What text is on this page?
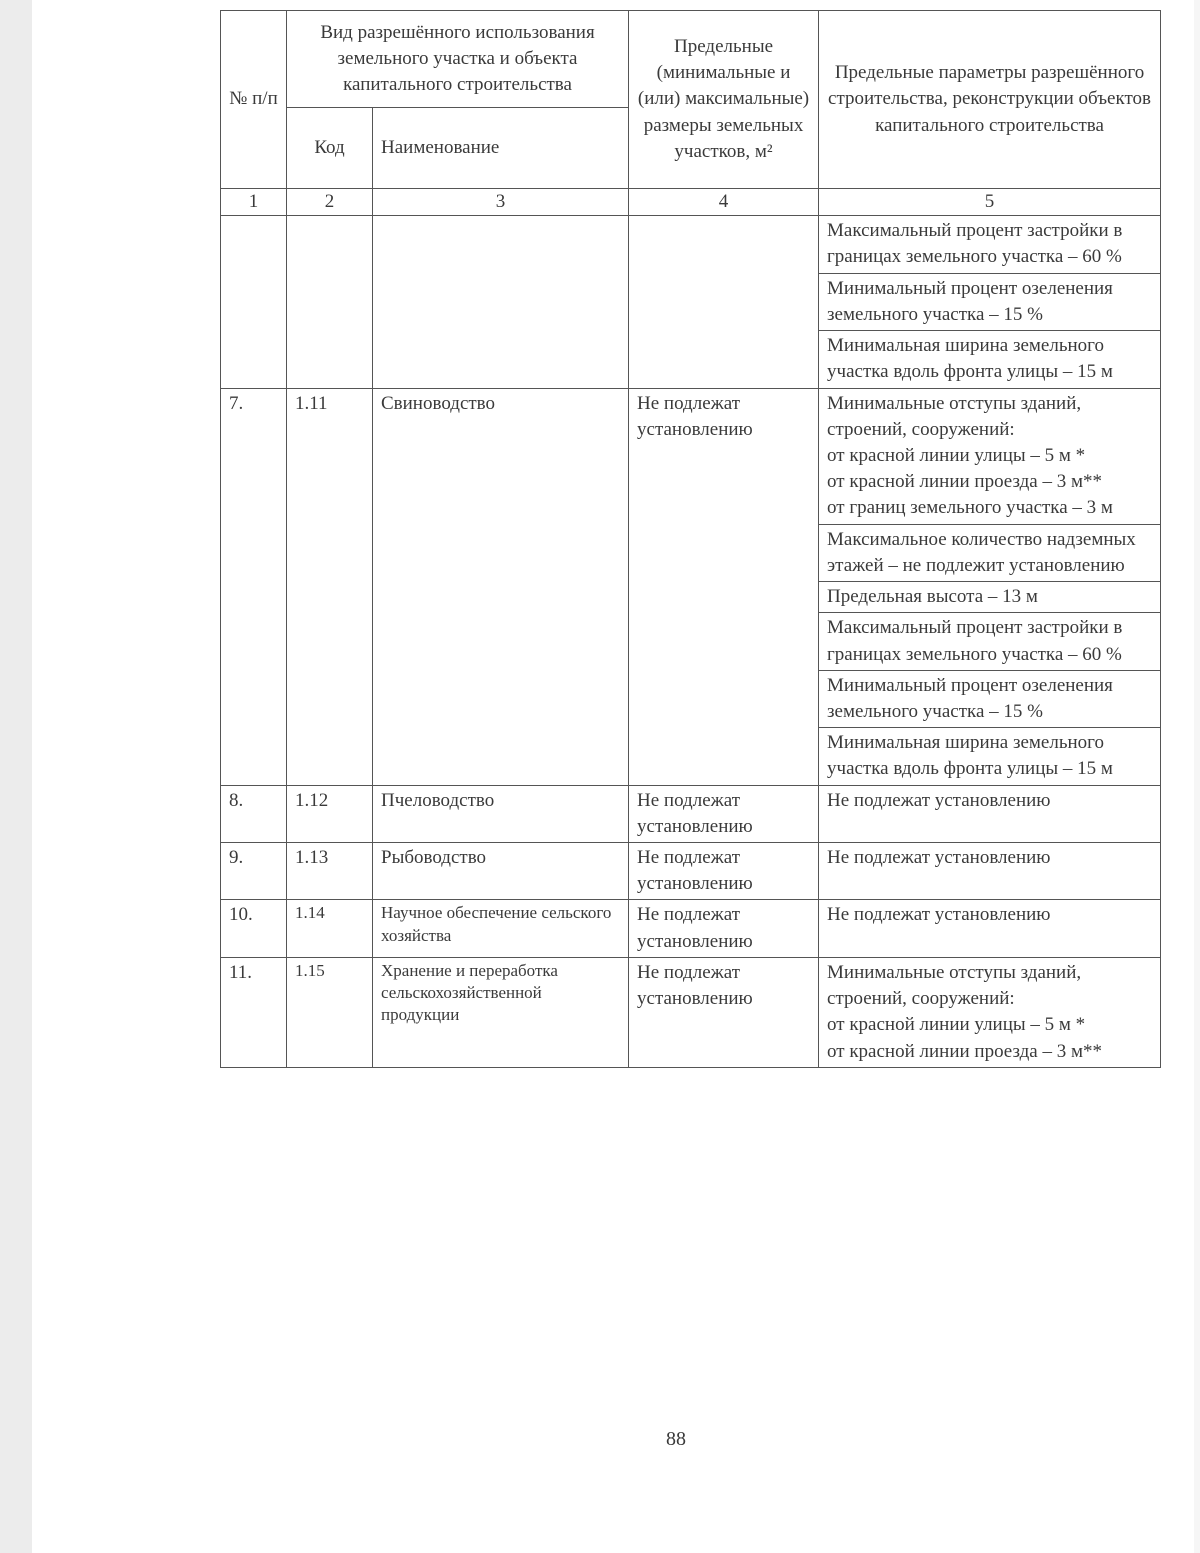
№ п/п	Вид разрешённого использования земельного участка и объекта капитального строительства		Предельные (минимальные и (или) максимальные) размеры земельных участков, м²	Предельные параметры разрешённого строительства, реконструкции объектов капитального строительства
	Код	Наименование		
1	2	3	4	5
				Максимальный процент застройки в границах земельного участка – 60 %
				Минимальный процент озеленения земельного участка – 15 %
				Минимальная ширина земельного участка вдоль фронта улицы – 15 м
7.	1.11	Свиноводство	Не подлежат установлению	Минимальные отступы зданий, строений, сооружений:
от красной линии улицы – 5 м *
от красной линии проезда – 3 м**
от границ земельного участка – 3 м

				Максимальное количество надземных этажей – не подлежит установлению
				Предельная высота – 13 м
				Максимальный процент застройки в границах земельного участка – 60 %
				Минимальный процент озеленения земельного участка – 15 %
				Минимальная ширина земельного участка вдоль фронта улицы – 15 м
8.	1.12	Пчеловодство	Не подлежат установлению	Не подлежат установлению
9.	1.13	Рыбоводство	Не подлежат установлению	Не подлежат установлению
10.	1.14	Научное обеспечение сельского хозяйства	Не подлежат установлению	Не подлежат установлению
11.	1.15	Хранение и переработка сельскохозяйственной продукции	Не подлежат установлению	Минимальные отступы зданий, строений, сооружений:
от красной линии улицы – 5 м *
от красной линии проезда – 3 м**
88
